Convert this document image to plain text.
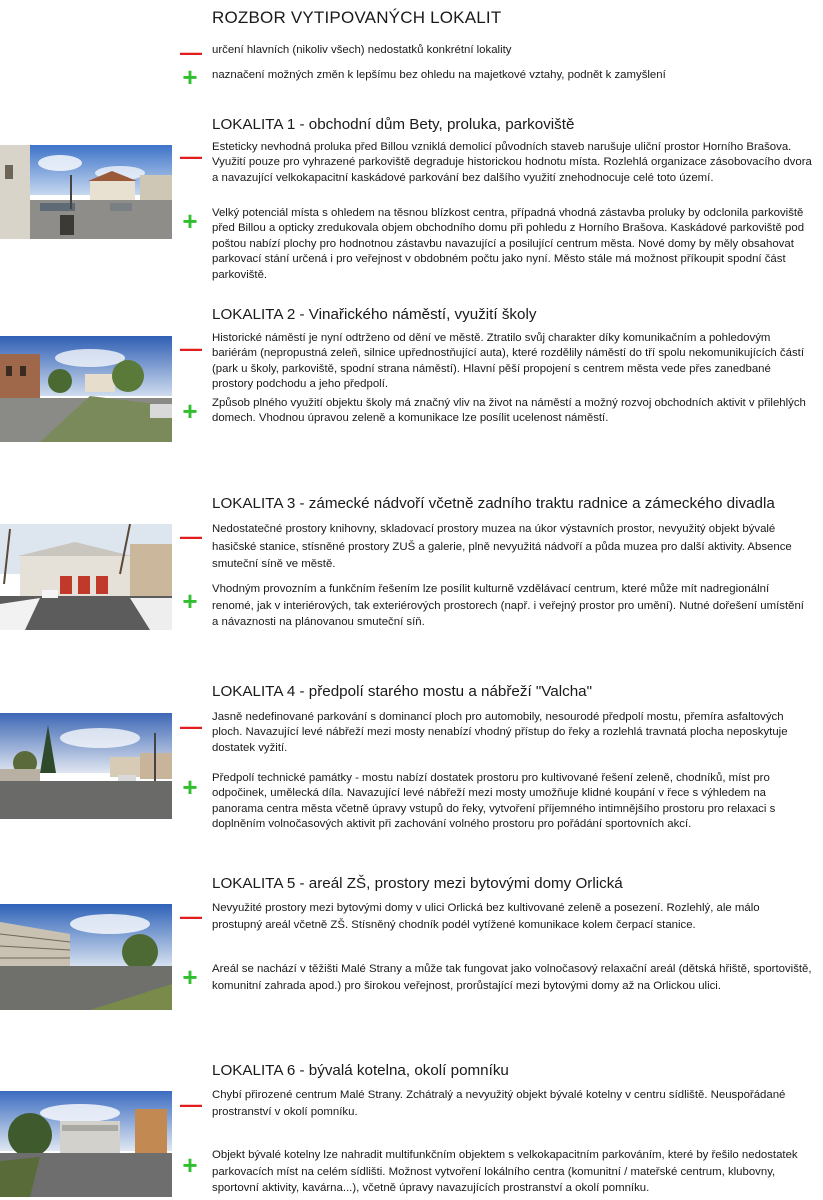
ROZBOR VYTIPOVANÝCH LOKALIT
— určení hlavních (nikoliv všech) nedostatků konkrétní lokality
+ naznačení možných změn k lepšímu bez ohledu na majetkové vztahy, podnět k zamyšlení
LOKALITA 1 - obchodní dům Bety, proluka, parkoviště
— Esteticky nevhodná proluka před Billou vzniklá demolicí původních staveb narušuje uliční prostor Horního Brašova. Využití pouze pro vyhrazené parkoviště degraduje historickou hodnotu místa. Rozlehlá organizace zásobovacího dvora a navazující velkokapacitní kaskádové parkování bez dalšího využití znehodnocuje celé toto území.
+ Velký potenciál místa s ohledem na těsnou blízkost centra, případná vhodná zástavba proluky by odclonila parkoviště před Billou a opticky zredukovala objem obchodního domu při pohledu z Horního Brašova. Kaskádové parkoviště pod poštou nabízí plochy pro hodnotnou zástavbu navazující a posilující centrum města. Nové domy by měly obsahovat parkovací stání určená i pro veřejnost v obdobném počtu jako nyní. Město stále má možnost příkoupit spodní část parkoviště.
LOKALITA 2 - Vinařického náměstí, využití školy
— Historické náměstí je nyní odtrženo od dění ve městě. Ztratilo svůj charakter díky komunikačním a pohledovým bariérám (nepropustná zeleň, silnice upřednostňující auta), které rozdělily náměstí do tří spolu nekomunikujících částí (park u školy, parkoviště, spodní strana náměstí). Hlavní pěší propojení s centrem města vede přes zanedbané prostory podchodu a jeho předpolí.
+ Způsob plného využití objektu školy má značný vliv na život na náměstí a možný rozvoj obchodních aktivit v přilehlých domech. Vhodnou úpravou zeleně a komunikace lze posílit ucelenost náměstí.
LOKALITA 3 - zámecké nádvoří včetně zadního traktu radnice a zámeckého divadla
— Nedostatečné prostory knihovny, skladovací prostory muzea na úkor výstavních prostor, nevyužitý objekt bývalé hasičské stanice, stísněné prostory ZUŠ a galerie, plně nevyužitá nádvoří a půda muzea pro další aktivity. Absence smuteční síně ve městě.
+ Vhodným provozním a funkčním řešením lze posílit kulturně vzdělávací centrum, které může mít nadregionální renomé, jak v interiérových, tak exteriérových prostorech (např. i veřejný prostor pro umění). Nutné dořešení umístění a návaznosti na plánovanou smuteční síň.
LOKALITA 4 - předpolí starého mostu a nábřeží "Valcha"
— Jasně nedefinované parkování s dominancí ploch pro automobily, nesourodé předpolí mostu, přemíra asfaltových ploch. Navazující levé nábřeží mezi mosty nenabízí vhodný přístup do řeky a rozlehlá travnatá plocha neposkytuje dostatek vyžití.
+ Předpolí technické památky - mostu nabízí dostatek prostoru pro kultivované řešení zeleně, chodníků, míst pro odpočinek, umělecká díla. Navazující levé nábřeží mezi mosty umožňuje klidné koupání v řece s výhledem na panorama centra města včetně úpravy vstupů do řeky, vytvoření příjemného intimnějšího prostoru pro relaxaci s doplněním volnočasových aktivit při zachování volného prostoru pro pořádání sportovních akcí.
LOKALITA 5 - areál ZŠ, prostory mezi bytovými domy Orlická
— Nevyužité prostory mezi bytovými domy v ulici Orlická bez kultivované zeleně a posezení. Rozlehlý, ale málo prostupný areál včetně ZŠ. Stísněný chodník podél vytížené komunikace kolem čerpací stanice.
+ Areál se nachází v těžišti Malé Strany a může tak fungovat jako volnočasový relaxační areál (dětská hřiště, sportoviště, komunitní zahrada apod.) pro širokou veřejnost, prorůstající mezi bytovými domy až na Orlickou ulici.
LOKALITA 6 - bývalá kotelna, okolí pomníku
— Chybí přirozené centrum Malé Strany. Zchátralý a nevyužitý objekt bývalé kotelny v centru sídliště. Neuspořádané prostranství v okolí pomníku.
+ Objekt bývalé kotelny lze nahradit multifunkčním objektem s velkokapacitním parkováním, které by řešilo nedostatek parkovacích míst na celém sídlišti. Možnost vytvoření lokálního centra (komunitní / mateřské centrum, klubovny, sportovní aktivity, kavárna...), včetně úpravy navazujících prostranství a okolí pomníku.
